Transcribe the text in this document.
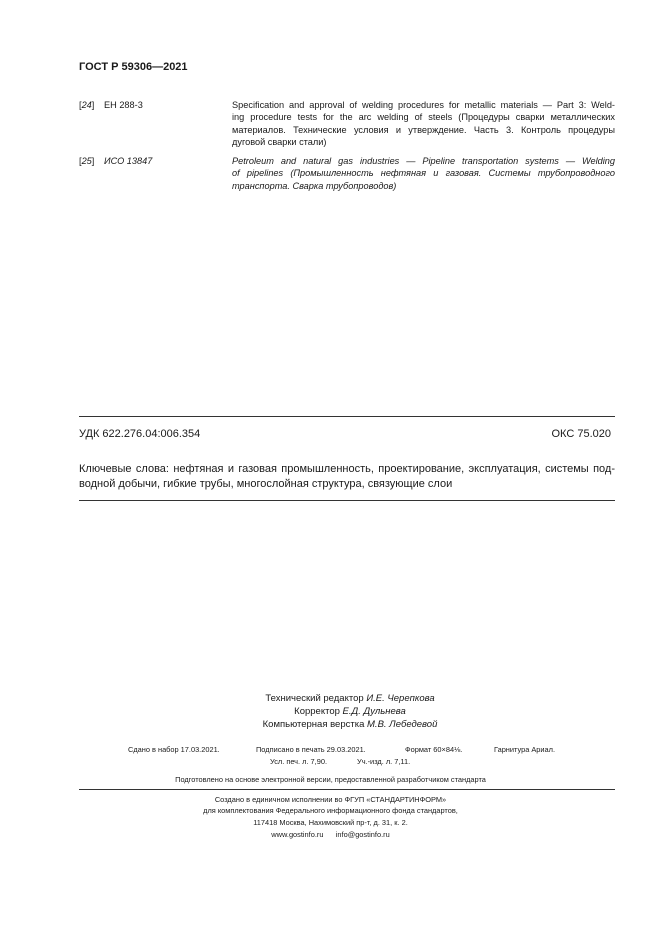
ГОСТ Р 59306—2021
[24] EH 288-3	Specification and approval of welding procedures for metallic materials — Part 3: Weld-
ing procedure tests for the arc welding of steels (Процедуры сварки металлических
материалов. Технические условия и утверждение. Часть 3. Контроль процедуры
дуговой сварки стали)
[25] ИСО 13847	Petroleum and natural gas industries — Pipeline transportation systems — Welding
of pipelines (Промышленность нефтяная и газовая. Системы трубопроводного
транспорта. Сварка трубопроводов)
УДК 622.276.04:006.354	ОКС 75.020
Ключевые слова: нефтяная и газовая промышленность, проектирование, эксплуатация, системы под-
водной добычи, гибкие трубы, многослойная структура, связующие слои
Технический редактор И.Е. Черепкова
Корректор Е.Д. Дульнева
Компьютерная верстка М.В. Лебедевой
Сдано в набор 17.03.2021.	Подписано в печать 29.03.2021.	Формат 60×84⅛.	Гарнитура Ариал.
Усл. печ. л. 7,90.	Уч.-изд. л. 7,11.
Подготовлено на основе электронной версии, предоставленной разработчиком стандарта
Создано в единичном исполнении во ФГУП «СТАНДАРТИНФОРМ»
для комплектования Федерального информационного фонда стандартов,
117418 Москва, Нахимовский пр-т, д. 31, к. 2.
www.gostinfo.ru info@gostinfo.ru
